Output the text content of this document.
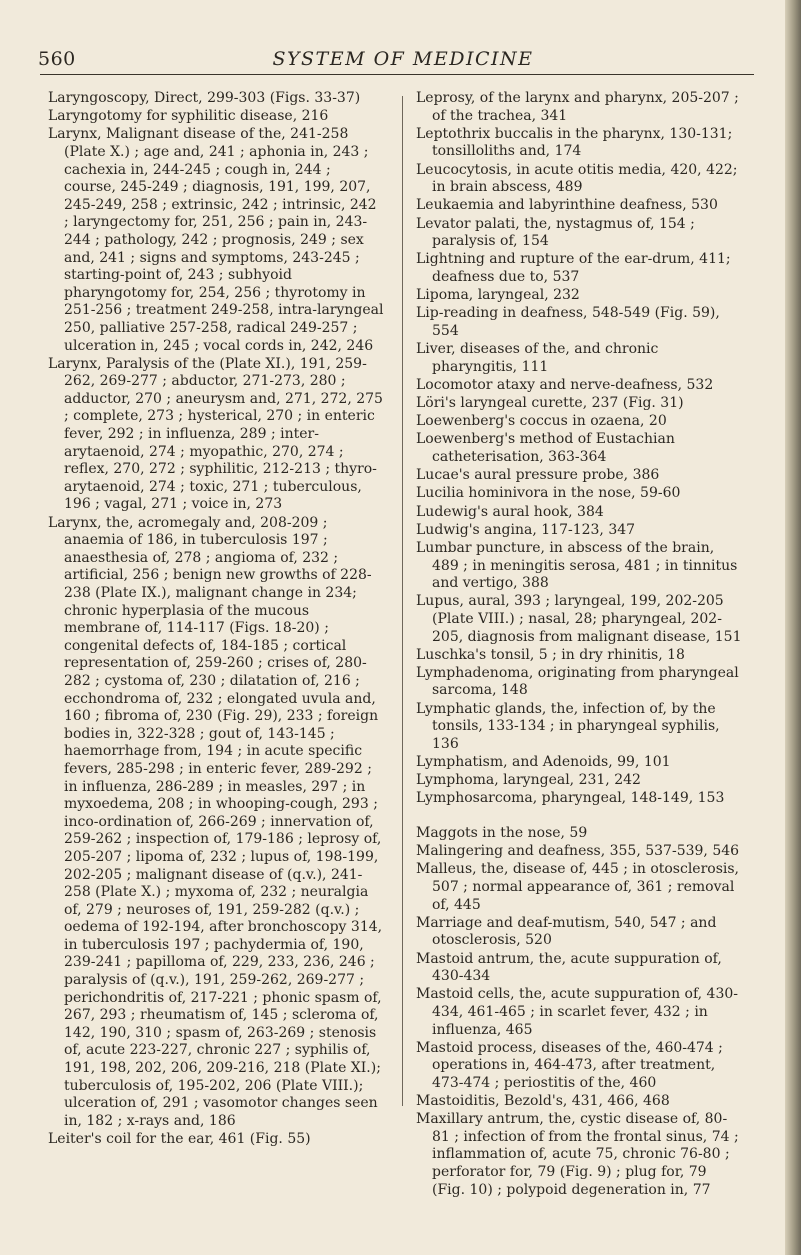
560	SYSTEM OF MEDICINE

Laryngoscopy, Direct, 299-303 (Figs. 33-37)

Laryngotomy for syphilitic disease, 216

Larynx, Malignant disease of the, 241-258 (Plate X.) ; age and, 241 ; aphonia in, 243 ; cachexia in, 244-245 ; cough in, 244 ; course, 245-249 ; diagnosis, 191, 199, 207, 245-249, 258 ; extrinsic, 242 ; intrinsic, 242 ; laryngectomy for, 251, 256 ; pain in, 243-244 ; pathology, 242 ; prognosis, 249 ; sex and, 241 ; signs and symptoms, 243-245 ; starting-point of, 243 ; subhyoid pharyngotomy for, 254, 256 ; thyrotomy in 251-256 ; treatment 249-258, intra-laryngeal 250, palliative 257-258, radical 249-257 ; ulceration in, 245 ; vocal cords in, 242, 246

Larynx, Paralysis of the (Plate XI.), 191, 259-262, 269-277 ; abductor, 271-273, 280 ; adductor, 270 ; aneurysm and, 271, 272, 275 ; complete, 273 ; hysterical, 270 ; in enteric fever, 292 ; in influenza, 289 ; inter-arytaenoid, 274 ; myopathic, 270, 274 ; reflex, 270, 272 ; syphilitic, 212-213 ; thyro-arytaenoid, 274 ; toxic, 271 ; tuberculous, 196 ; vagal, 271 ; voice in, 273

Larynx, the, acromegaly and, 208-209 ; anaemia of 186, in tuberculosis 197 ; anaesthesia of, 278 ; angioma of, 232 ; artificial, 256 ; benign new growths of 228-238 (Plate IX.), malignant change in 234; chronic hyperplasia of the mucous membrane of, 114-117 (Figs. 18-20) ; congenital defects of, 184-185 ; cortical representation of, 259-260 ; crises of, 280-282 ; cystoma of, 230 ; dilatation of, 216 ; ecchondroma of, 232 ; elongated uvula and, 160 ; fibroma of, 230 (Fig. 29), 233 ; foreign bodies in, 322-328 ; gout of, 143-145 ; haemorrhage from, 194 ; in acute specific fevers, 285-298 ; in enteric fever, 289-292 ; in influenza, 286-289 ; in measles, 297 ; in myxoedema, 208 ; in whooping-cough, 293 ; inco-ordination of, 266-269 ; innervation of, 259-262 ; inspection of, 179-186 ; leprosy of, 205-207 ; lipoma of, 232 ; lupus of, 198-199, 202-205 ; malignant disease of (q.v.), 241-258 (Plate X.) ; myxoma of, 232 ; neuralgia of, 279 ; neuroses of, 191, 259-282 (q.v.) ; oedema of 192-194, after bronchoscopy 314, in tuberculosis 197 ; pachydermia of, 190, 239-241 ; papilloma of, 229, 233, 236, 246 ; paralysis of (q.v.), 191, 259-262, 269-277 ; perichondritis of, 217-221 ; phonic spasm of, 267, 293 ; rheumatism of, 145 ; scleroma of, 142, 190, 310 ; spasm of, 263-269 ; stenosis of, acute 223-227, chronic 227 ; syphilis of, 191, 198, 202, 206, 209-216, 218 (Plate XI.); tuberculosis of, 195-202, 206 (Plate VIII.); ulceration of, 291 ; vasomotor changes seen in, 182 ; x-rays and, 186

Leiter's coil for the ear, 461 (Fig. 55)

Leprosy, of the larynx and pharynx, 205-207 ; of the trachea, 341

Leptothrix buccalis in the pharynx, 130-131; tonsilloliths and, 174

Leucocytosis, in acute otitis media, 420, 422; in brain abscess, 489

Leukaemia and labyrinthine deafness, 530

Levator palati, the, nystagmus of, 154 ; paralysis of, 154

Lightning and rupture of the ear-drum, 411; deafness due to, 537

Lipoma, laryngeal, 232

Lip-reading in deafness, 548-549 (Fig. 59), 554

Liver, diseases of the, and chronic pharyngitis, 111

Locomotor ataxy and nerve-deafness, 532

Löri's laryngeal curette, 237 (Fig. 31)

Loewenberg's coccus in ozaena, 20

Loewenberg's method of Eustachian catheterisation, 363-364

Lucae's aural pressure probe, 386

Lucilia hominivora in the nose, 59-60

Ludewig's aural hook, 384

Ludwig's angina, 117-123, 347

Lumbar puncture, in abscess of the brain, 489 ; in meningitis serosa, 481 ; in tinnitus and vertigo, 388

Lupus, aural, 393 ; laryngeal, 199, 202-205 (Plate VIII.) ; nasal, 28; pharyngeal, 202-205, diagnosis from malignant disease, 151

Luschka's tonsil, 5 ; in dry rhinitis, 18

Lymphadenoma, originating from pharyngeal sarcoma, 148

Lymphatic glands, the, infection of, by the tonsils, 133-134 ; in pharyngeal syphilis, 136

Lymphatism, and Adenoids, 99, 101

Lymphoma, laryngeal, 231, 242

Lymphosarcoma, pharyngeal, 148-149, 153

Maggots in the nose, 59

Malingering and deafness, 355, 537-539, 546

Malleus, the, disease of, 445 ; in otosclerosis, 507 ; normal appearance of, 361 ; removal of, 445

Marriage and deaf-mutism, 540, 547 ; and otosclerosis, 520

Mastoid antrum, the, acute suppuration of, 430-434

Mastoid cells, the, acute suppuration of, 430-434, 461-465 ; in scarlet fever, 432 ; in influenza, 465

Mastoid process, diseases of the, 460-474 ; operations in, 464-473, after treatment, 473-474 ; periostitis of the, 460

Mastoiditis, Bezold's, 431, 466, 468

Maxillary antrum, the, cystic disease of, 80-81 ; infection of from the frontal sinus, 74 ; inflammation of, acute 75, chronic 76-80 ; perforator for, 79 (Fig. 9) ; plug for, 79 (Fig. 10) ; polypoid degeneration in, 77
